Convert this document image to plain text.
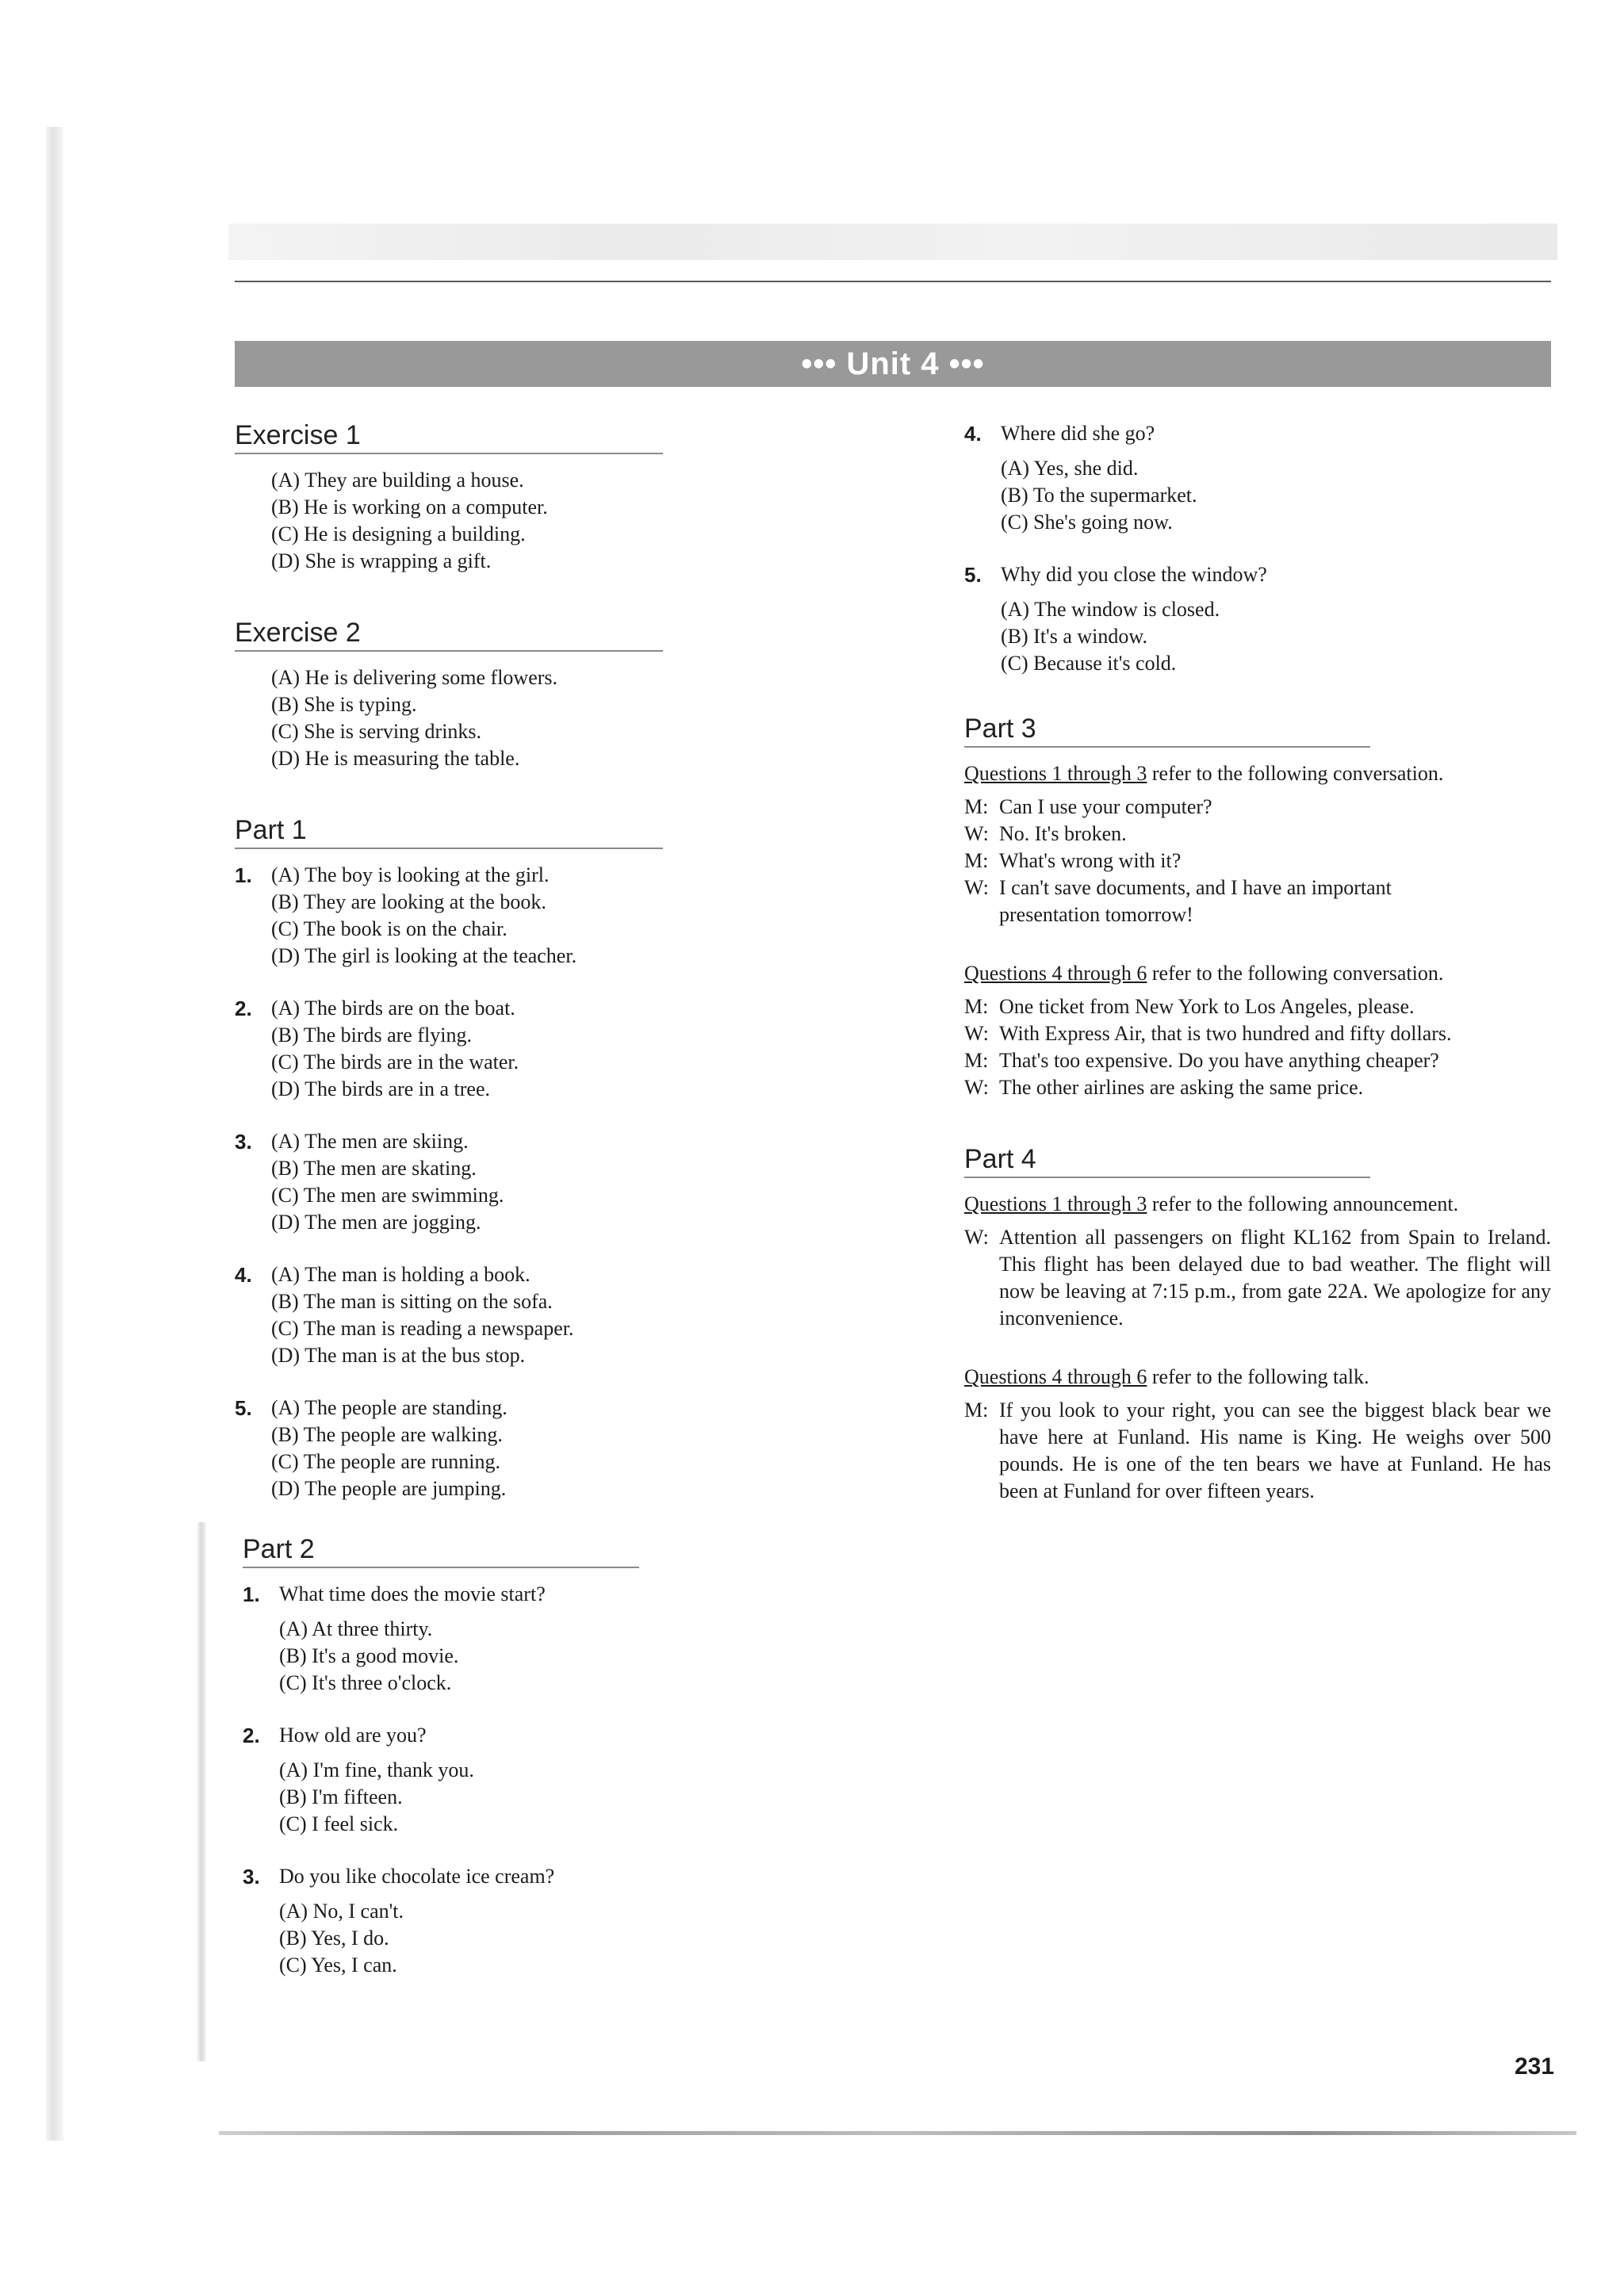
••• Unit 4 •••
Exercise 1
(A) They are building a house.
(B) He is working on a computer.
(C) He is designing a building.
(D) She is wrapping a gift.
Exercise 2
(A) He is delivering some flowers.
(B) She is typing.
(C) She is serving drinks.
(D) He is measuring the table.
Part 1
1. (A) The boy is looking at the girl.
(B) They are looking at the book.
(C) The book is on the chair.
(D) The girl is looking at the teacher.
2. (A) The birds are on the boat.
(B) The birds are flying.
(C) The birds are in the water.
(D) The birds are in a tree.
3. (A) The men are skiing.
(B) The men are skating.
(C) The men are swimming.
(D) The men are jogging.
4. (A) The man is holding a book.
(B) The man is sitting on the sofa.
(C) The man is reading a newspaper.
(D) The man is at the bus stop.
5. (A) The people are standing.
(B) The people are walking.
(C) The people are running.
(D) The people are jumping.
Part 2
1. What time does the movie start?
(A) At three thirty.
(B) It's a good movie.
(C) It's three o'clock.
2. How old are you?
(A) I'm fine, thank you.
(B) I'm fifteen.
(C) I feel sick.
3. Do you like chocolate ice cream?
(A) No, I can't.
(B) Yes, I do.
(C) Yes, I can.
4. Where did she go?
(A) Yes, she did.
(B) To the supermarket.
(C) She's going now.
5. Why did you close the window?
(A) The window is closed.
(B) It's a window.
(C) Because it's cold.
Part 3
Questions 1 through 3 refer to the following conversation.
M: Can I use your computer?
W: No. It's broken.
M: What's wrong with it?
W: I can't save documents, and I have an important presentation tomorrow!
Questions 4 through 6 refer to the following conversation.
M: One ticket from New York to Los Angeles, please.
W: With Express Air, that is two hundred and fifty dollars.
M: That's too expensive. Do you have anything cheaper?
W: The other airlines are asking the same price.
Part 4
Questions 1 through 3 refer to the following announcement.
W: Attention all passengers on flight KL162 from Spain to Ireland. This flight has been delayed due to bad weather. The flight will now be leaving at 7:15 p.m., from gate 22A. We apologize for any inconvenience.
Questions 4 through 6 refer to the following talk.
M: If you look to your right, you can see the biggest black bear we have here at Funland. His name is King. He weighs over 500 pounds. He is one of the ten bears we have at Funland. He has been at Funland for over fifteen years.
231
